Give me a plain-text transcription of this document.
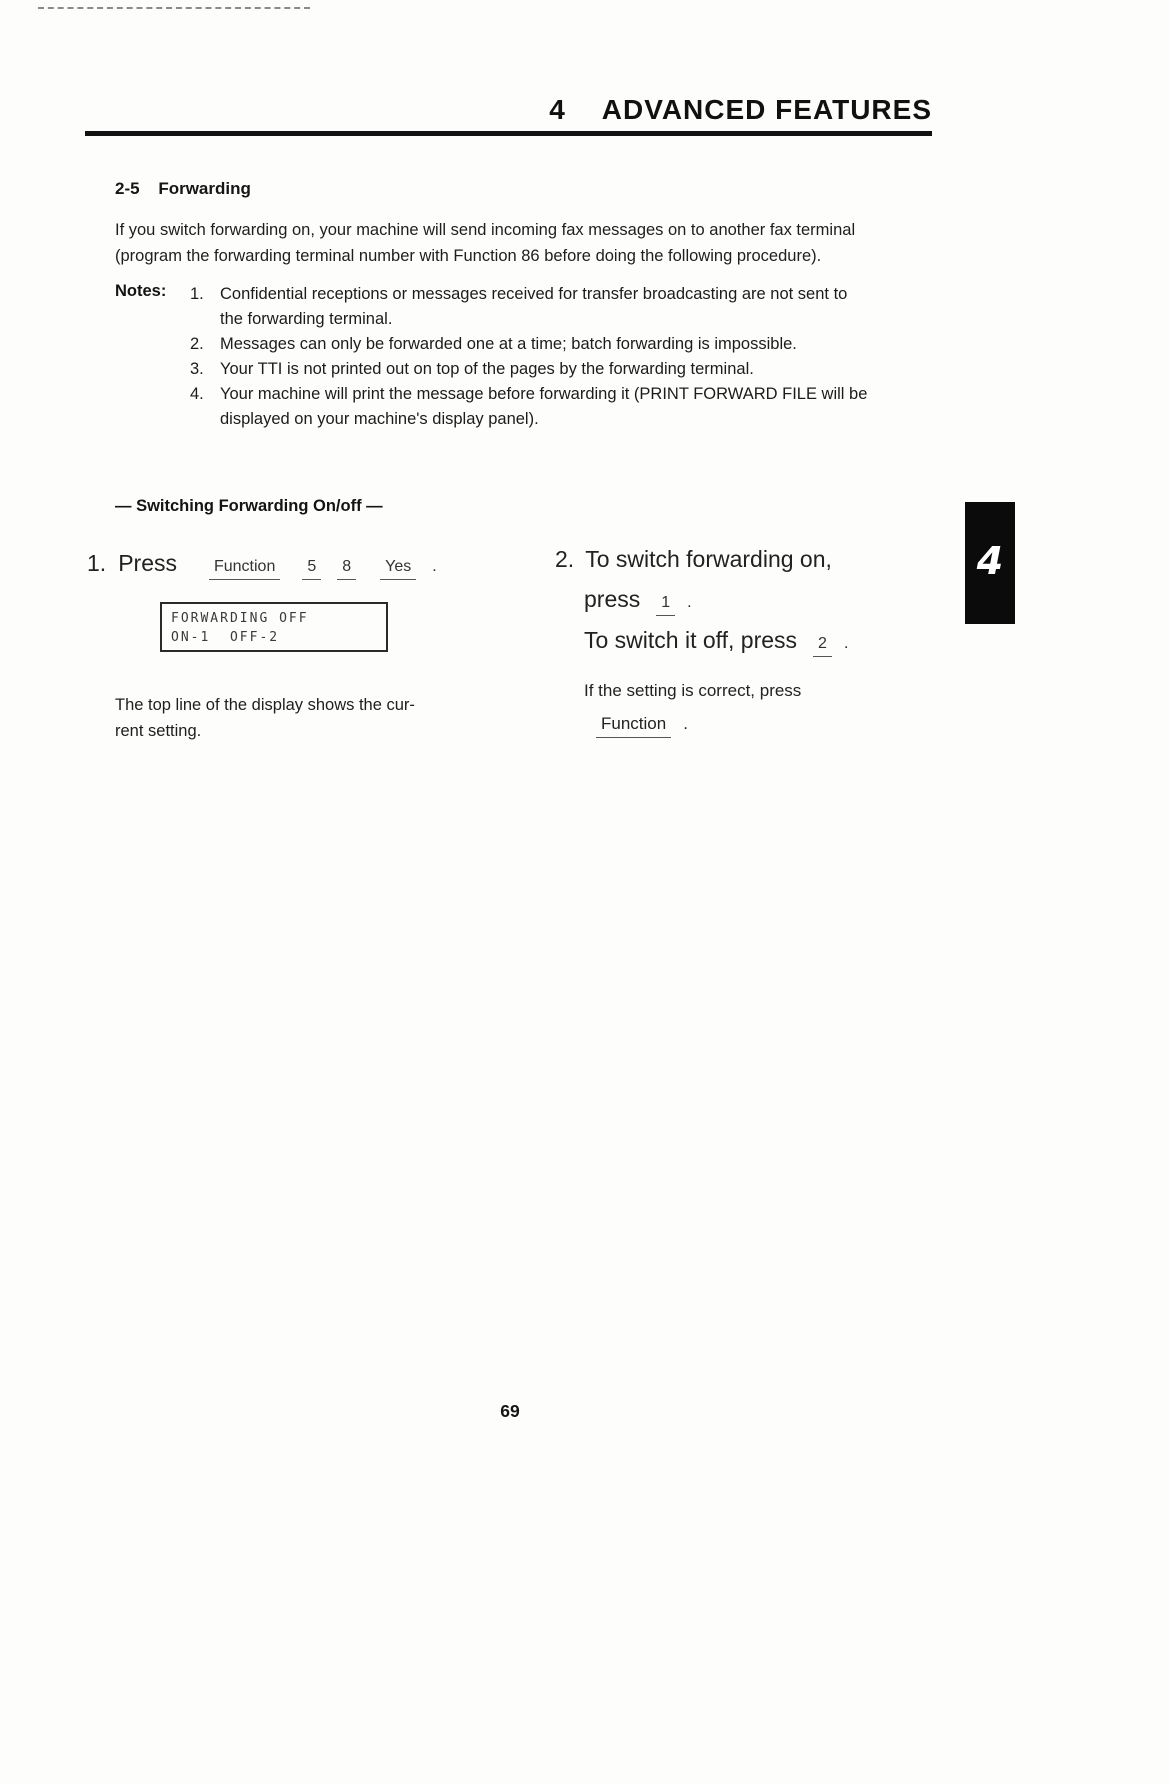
4 ADVANCED FEATURES
2-5 Forwarding
If you switch forwarding on, your machine will send incoming fax messages on to another fax terminal
(program the forwarding terminal number with Function 86 before doing the following procedure).
Notes: 1. Confidential receptions or messages received for transfer broadcasting are not sent to
the forwarding terminal.
2. Messages can only be forwarded one at a time; batch forwarding is impossible.
3. Your TTI is not printed out on top of the pages by the forwarding terminal.
4. Your machine will print the message before forwarding it (PRINT FORWARD FILE will be
displayed on your machine's display panel).
— Switching Forwarding On/off —
1. Press	Function	5	8	Yes	.
FORWARDING OFF
ON-1  OFF-2
The top line of the display shows the cur-
rent setting.
2. To switch forwarding on,
press	1	.
To switch it off, press	2	.
If the setting is correct, press
Function .
4
69
